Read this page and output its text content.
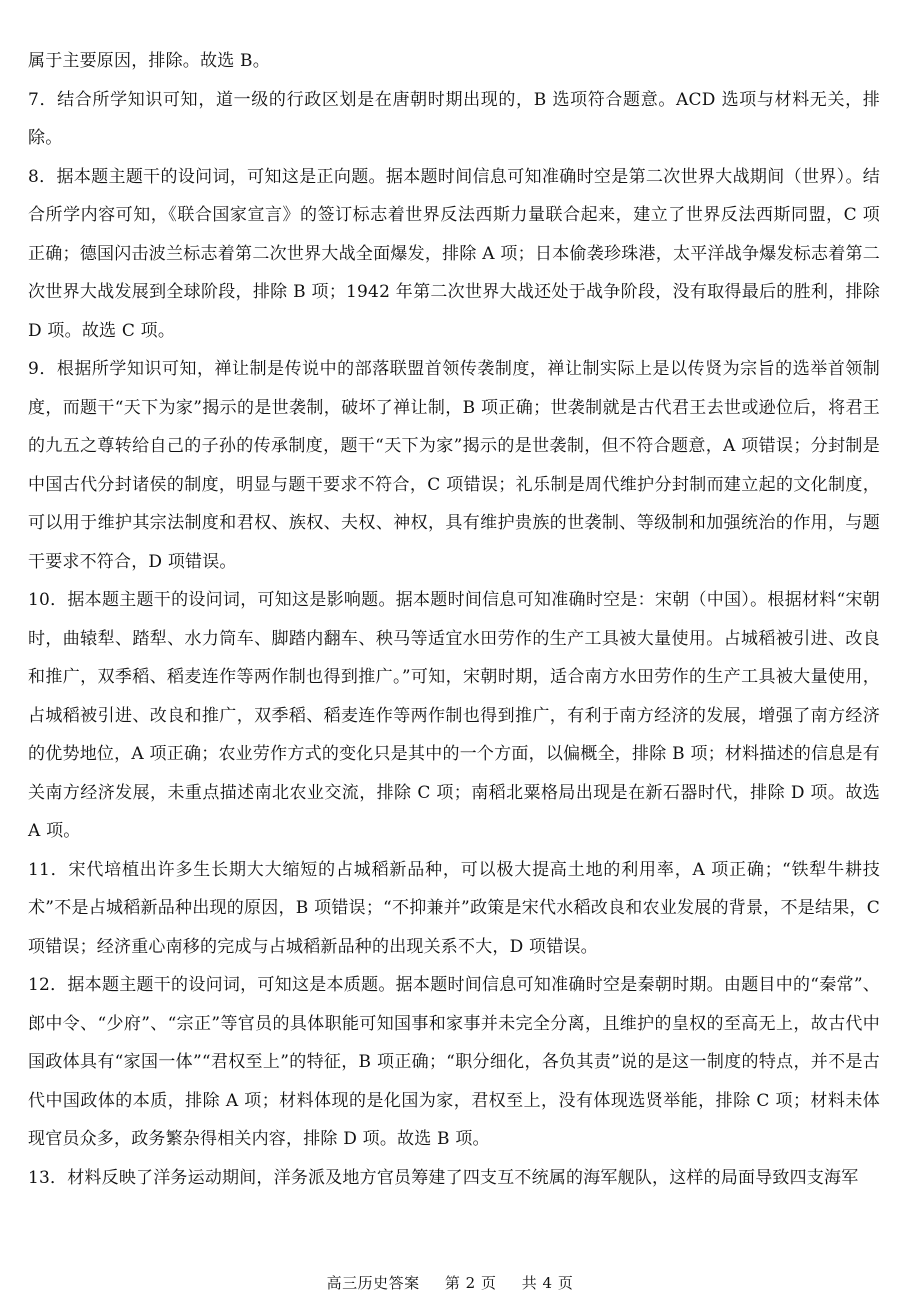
属于主要原因，排除。故选 B。

7．结合所学知识可知，道一级的行政区划是在唐朝时期出现的，B 选项符合题意。ACD 选项与材料无关，排除。

8．据本题主题干的设问词，可知这是正向题。据本题时间信息可知准确时空是第二次世界大战期间（世界）。结合所学内容可知，《联合国家宣言》的签订标志着世界反法西斯力量联合起来，建立了世界反法西斯同盟，C 项正确；德国闪击波兰标志着第二次世界大战全面爆发，排除 A 项；日本偷袭珍珠港，太平洋战争爆发标志着第二次世界大战发展到全球阶段，排除 B 项；1942 年第二次世界大战还处于战争阶段，没有取得最后的胜利，排除 D 项。故选 C 项。

9．根据所学知识可知，禅让制是传说中的部落联盟首领传袭制度，禅让制实际上是以传贤为宗旨的选举首领制度，而题干“天下为家”揭示的是世袭制，破坏了禅让制，B 项正确；世袭制就是古代君王去世或逊位后，将君王的九五之尊转给自己的子孙的传承制度，题干“天下为家”揭示的是世袭制，但不符合题意，A 项错误；分封制是中国古代分封诸侯的制度，明显与题干要求不符合，C 项错误；礼乐制是周代维护分封制而建立起的文化制度，可以用于维护其宗法制度和君权、族权、夫权、神权，具有维护贵族的世袭制、等级制和加强统治的作用，与题干要求不符合，D 项错误。

10．据本题主题干的设问词，可知这是影响题。据本题时间信息可知准确时空是：宋朝（中国）。根据材料“宋朝时，曲辕犁、踏犁、水力筒车、脚踏内翻车、秧马等适宜水田劳作的生产工具被大量使用。占城稻被引进、改良和推广，双季稻、稻麦连作等两作制也得到推广。”可知，宋朝时期，适合南方水田劳作的生产工具被大量使用，占城稻被引进、改良和推广，双季稻、稻麦连作等两作制也得到推广，有利于南方经济的发展，增强了南方经济的优势地位，A 项正确；农业劳作方式的变化只是其中的一个方面，以偏概全，排除 B 项；材料描述的信息是有关南方经济发展，未重点描述南北农业交流，排除 C 项；南稻北粟格局出现是在新石器时代，排除 D 项。故选 A 项。

11．宋代培植出许多生长期大大缩短的占城稻新品种，可以极大提高土地的利用率，A 项正确；“铁犁牛耕技术”不是占城稻新品种出现的原因，B 项错误；“不抑兼并”政策是宋代水稻改良和农业发展的背景，不是结果，C 项错误；经济重心南移的完成与占城稻新品种的出现关系不大，D 项错误。

12．据本题主题干的设问词，可知这是本质题。据本题时间信息可知准确时空是秦朝时期。由题目中的“秦常”、郎中令、“少府”、“宗正”等官员的具体职能可知国事和家事并未完全分离，且维护的皇权的至高无上，故古代中国政体具有“家国一体”“君权至上”的特征，B 项正确；“职分细化，各负其责”说的是这一制度的特点，并不是古代中国政体的本质，排除 A 项；材料体现的是化国为家，君权至上，没有体现选贤举能，排除 C 项；材料未体现官员众多，政务繁杂得相关内容，排除 D 项。故选 B 项。

13．材料反映了洋务运动期间，洋务派及地方官员筹建了四支互不统属的海军舰队，这样的局面导致四支海军

高三历史答案 第 2 页 共 4 页
